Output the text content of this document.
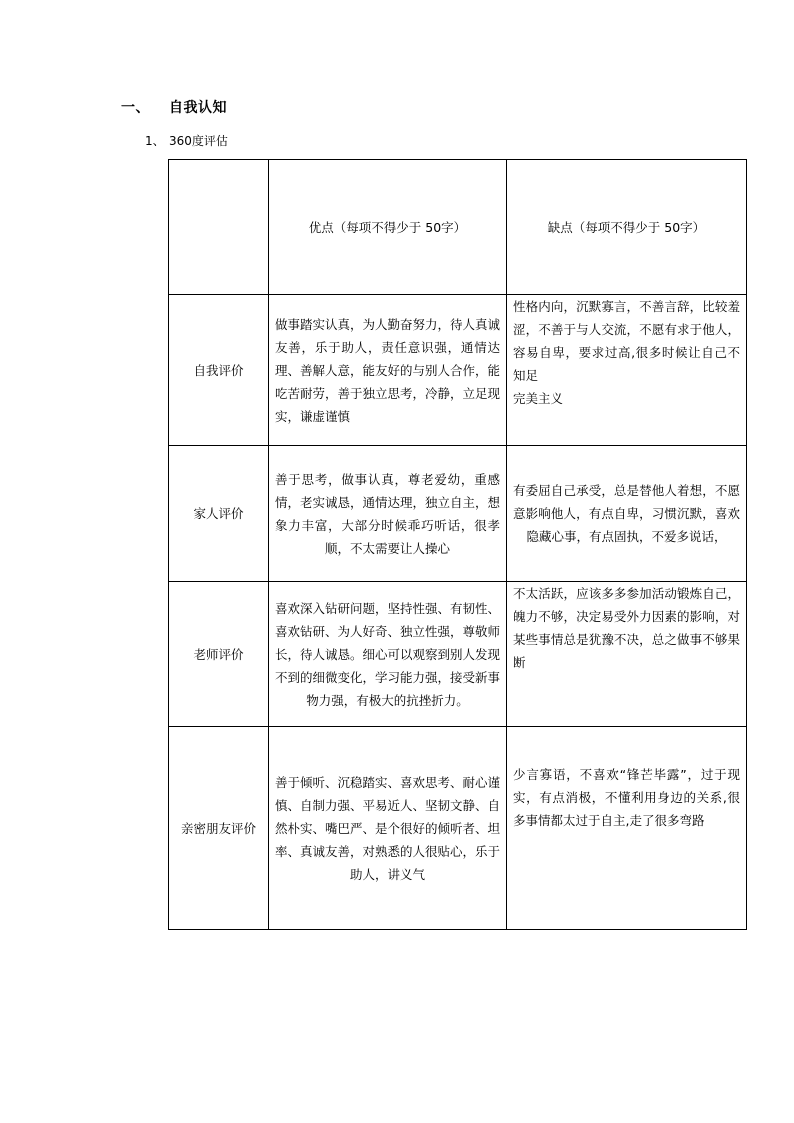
一、 自我认知
1、 360度评估
	优点（每项不得少于 50字）	缺点（每项不得少于 50字）
自我评价	做事踏实认真，为人勤奋努力，待人真诚友善，乐于助人，责任意识强，通情达理、善解人意，能友好的与别人合作，能吃苦耐劳，善于独立思考，冷静，立足现实，谦虚谨慎	性格内向，沉默寡言，不善言辞，比较羞涩，不善于与人交流，不愿有求于他人，容易自卑，要求过高,很多时候让自己不知足
完美主义

家人评价	善于思考，做事认真，尊老爱幼，重感情，老实诚恳，通情达理，独立自主，想象力丰富，大部分时候乖巧听话，很孝顺，不太需要让人操心	有委屈自己承受，总是替他人着想，不愿意影响他人，有点自卑，习惯沉默，喜欢隐藏心事，有点固执，不爱多说话，

老师评价	喜欢深入钻研问题，坚持性强、有韧性、喜欢钻研、为人好奇、独立性强，尊敬师长，待人诚恳。细心可以观察到别人发现不到的细微变化，学习能力强，接受新事物力强，有极大的抗挫折力。	不太活跃，应该多多参加活动锻炼自己，魄力不够，决定易受外力因素的影响，对某些事情总是犹豫不决，总之做事不够果断

亲密朋友评价	善于倾听、沉稳踏实、喜欢思考、耐心谨慎、自制力强、平易近人、坚韧文静、自然朴实、嘴巴严、是个很好的倾听者、坦率、真诚友善，对熟悉的人很贴心，乐于助人，讲义气	少言寡语，不喜欢“锋芒毕露”，过于现实，有点消极，不懂利用身边的关系,很多事情都太过于自主,走了很多弯路
